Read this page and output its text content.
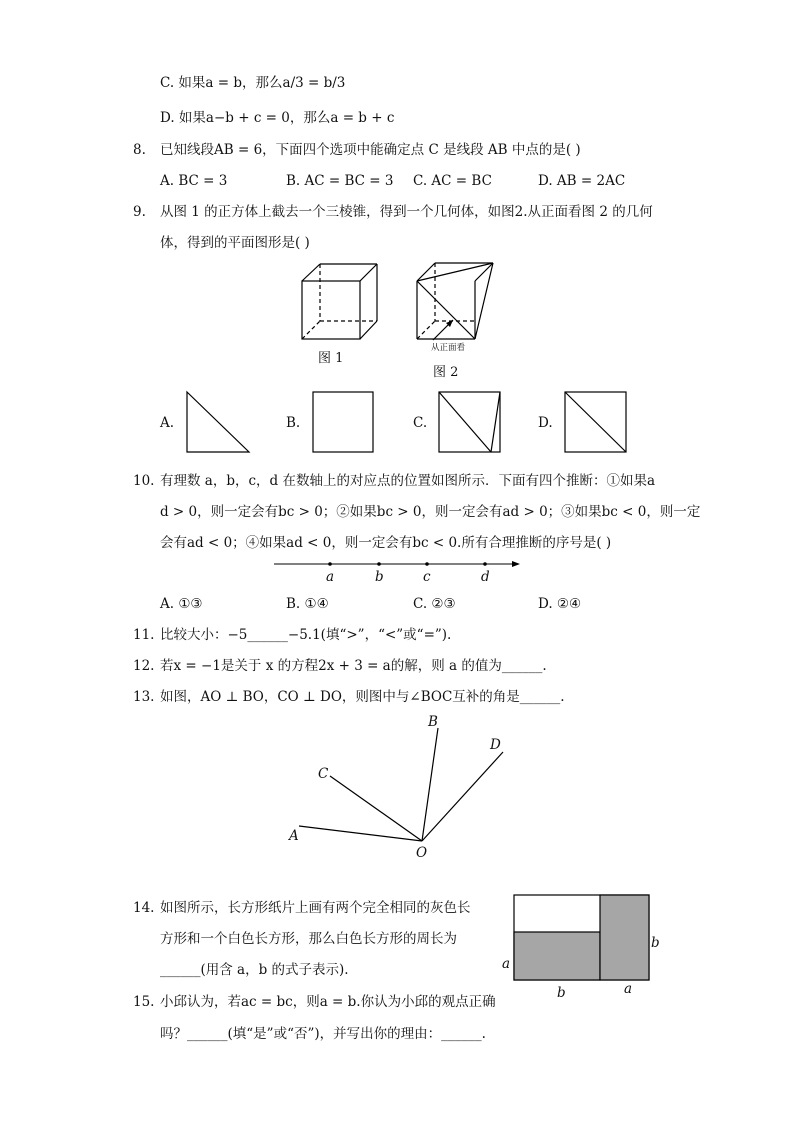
C. 如果a = b，那么a/3 = b/3
D. 如果a−b + c = 0，那么a = b + c
8. 已知线段AB = 6，下面四个选项中能确定点 C 是线段 AB 中点的是( )
A. BC = 3	B. AC = BC = 3 C. AC = BC	D. AB = 2AC
9. 从图 1 的正方体上截去一个三棱锥，得到一个几何体，如图2.从正面看图 2 的几何
体，得到的平面图形是( )
图 1
从正面看
图 2
A.	B.	C.	D.
10. 有理数 a，b，c，d 在数轴上的对应点的位置如图所示．下面有四个推断：①如果a
d > 0，则一定会有bc > 0；②如果bc > 0，则一定会有ad > 0；③如果bc < 0，则一定
会有ad < 0；④如果ad < 0，则一定会有bc < 0.所有合理推断的序号是( )
a	b	c	d
A. ①③	B. ①④	C. ②③	D. ②④
11. 比较大小：−5______−5.1(填“>”，“<”或“=”).
12. 若x = −1是关于 x 的方程2x + 3 = a的解，则 a 的值为______.
13. 如图，AO ⊥ BO，CO ⊥ DO，则图中与∠BOC互补的角是______.
A
B
C
D
O
14. 如图所示，长方形纸片上画有两个完全相同的灰色长
方形和一个白色长方形，那么白色长方形的周长为
______(用含 a，b 的式子表示).	a
b
b	a
15. 小邱认为，若ac = bc，则a = b.你认为小邱的观点正确
吗？______(填“是”或“否”)，并写出你的理由：______.
